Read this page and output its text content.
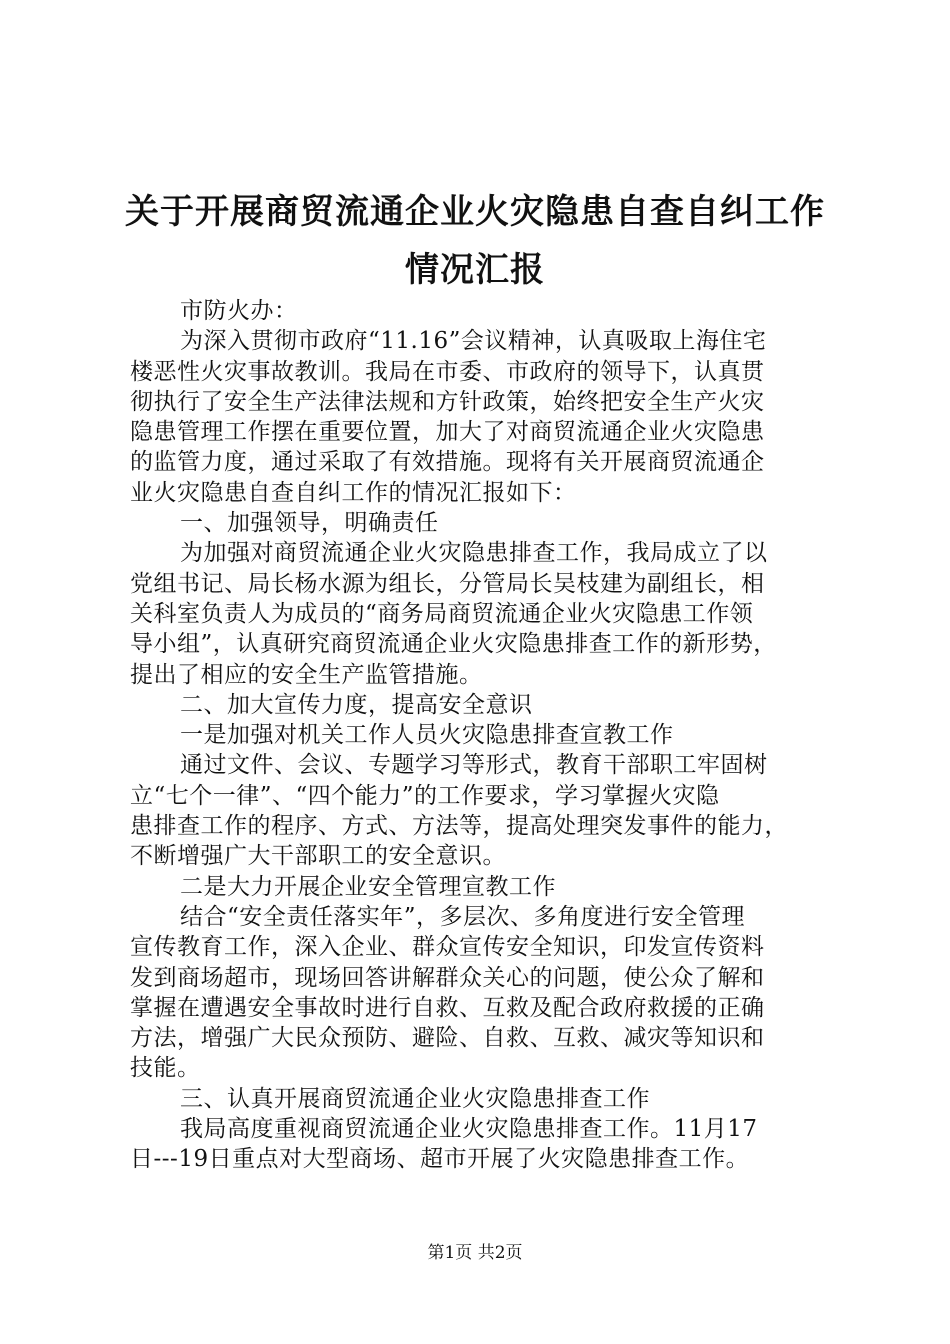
关于开展商贸流通企业火灾隐患自查自纠工作
情况汇报

市防火办：

为深入贯彻市政府“11.16”会议精神，认真吸取上海住宅

楼恶性火灾事故教训。我局在市委、市政府的领导下，认真贯

彻执行了安全生产法律法规和方针政策，始终把安全生产火灾

隐患管理工作摆在重要位置，加大了对商贸流通企业火灾隐患

的监管力度，通过采取了有效措施。现将有关开展商贸流通企

业火灾隐患自查自纠工作的情况汇报如下：

一、加强领导，明确责任

为加强对商贸流通企业火灾隐患排查工作，我局成立了以

党组书记、局长杨水源为组长，分管局长吴枝建为副组长，相

关科室负责人为成员的“商务局商贸流通企业火灾隐患工作领

导小组”，认真研究商贸流通企业火灾隐患排查工作的新形势，

提出了相应的安全生产监管措施。

二、加大宣传力度，提高安全意识

一是加强对机关工作人员火灾隐患排查宣教工作

通过文件、会议、专题学习等形式，教育干部职工牢固树

立“七个一律”、“四个能力”的工作要求，学习掌握火灾隐

患排查工作的程序、方式、方法等，提高处理突发事件的能力，

不断增强广大干部职工的安全意识。

二是大力开展企业安全管理宣教工作

结合“安全责任落实年”，多层次、多角度进行安全管理

宣传教育工作，深入企业、群众宣传安全知识，印发宣传资料

发到商场超市，现场回答讲解群众关心的问题，使公众了解和

掌握在遭遇安全事故时进行自救、互救及配合政府救援的正确

方法，增强广大民众预防、避险、自救、互救、减灾等知识和

技能。

三、认真开展商贸流通企业火灾隐患排查工作

我局高度重视商贸流通企业火灾隐患排查工作。11月17

日---19日重点对大型商场、超市开展了火灾隐患排查工作。

第1页 共2页
